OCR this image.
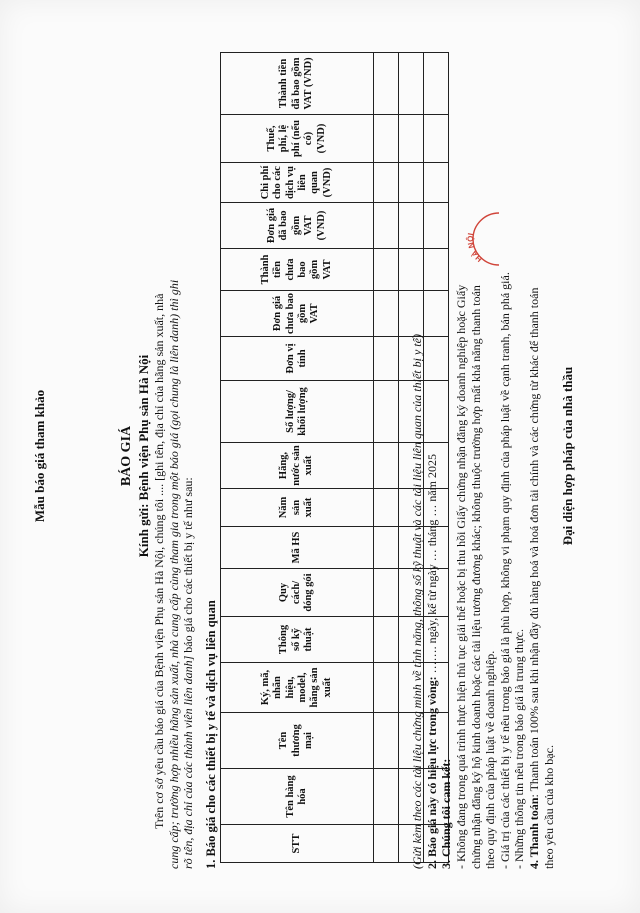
Mẫu báo giá tham khảo	BÁO GIÁ Kính gửi: Bệnh viện Phụ sản Hà Nội Trên cơ sở yêu cầu báo giá của Bệnh viện Phụ sản Hà Nội, chúng tôi .... [ghi tên, địa chỉ của hãng sản xuất, nhà cung cấp; trường hợp nhiều hãng sản xuất, nhà cung cấp cùng tham gia trong một báo giá (gọi chung là liên danh) thì ghi rõ tên, địa chỉ của các thành viên liên danh] báo giá cho các thiết bị y tế như sau:

1. Báo giá cho các thiết bị y tế và dịch vụ liên quan	STT	Tên hàng hóa	Tên thương mại	Ký, mã, nhãn hiệu, model, hãng sản xuất	Thông số kỹ thuật	Quy cách/ đóng gói	Mã HS	Năm sản xuất	Hãng, nước sản xuất	Số lượng/ khối lượng	Đơn vị tính	Đơn giá chưa bao gồm VAT	Thành tiền chưa bao gồm VAT	Đơn giá đã bao gồm VAT (VND)	Chi phí cho các dịch vụ liên quan (VND)	Thuế, phí, lệ phí (nếu có) (VND)	Thành tiền đã bao gồm VAT (VND)

(Gửi kèm theo các tài liệu chứng minh về tính năng, thông số kỹ thuật và các tài liệu liên quan của thiết bị y tế) 2. Báo giá này có hiệu lực trong vòng: ……. ngày, kể từ ngày … tháng … năm 2025

3. Chúng tôi cam kết: - Không đang trong quá trình thực hiện thủ tục giải thể hoặc bị thu hồi Giấy chứng nhận đăng ký doanh nghiệp hoặc Giấy chứng nhận đăng ký hộ kinh doanh hoặc các tài liệu tương đương khác; không thuộc trường hợp mất khả năng thanh toán theo quy định của pháp luật về doanh nghiệp. - Giá trị của các thiết bị y tế nêu trong báo giá là phù hợp, không vi phạm quy định của pháp luật về cạnh tranh, bán phá giá. - Những thông tin nêu trong báo giá là trung thực. 4. Thanh toán: Thanh toán 100% sau khi nhận đầy đủ hàng hoá và hoá đơn tài chính và các chứng từ khác để thanh toán

theo yêu cầu của kho bạc.

HÀ NỘI
Đại diện hợp pháp của nhà thầu
